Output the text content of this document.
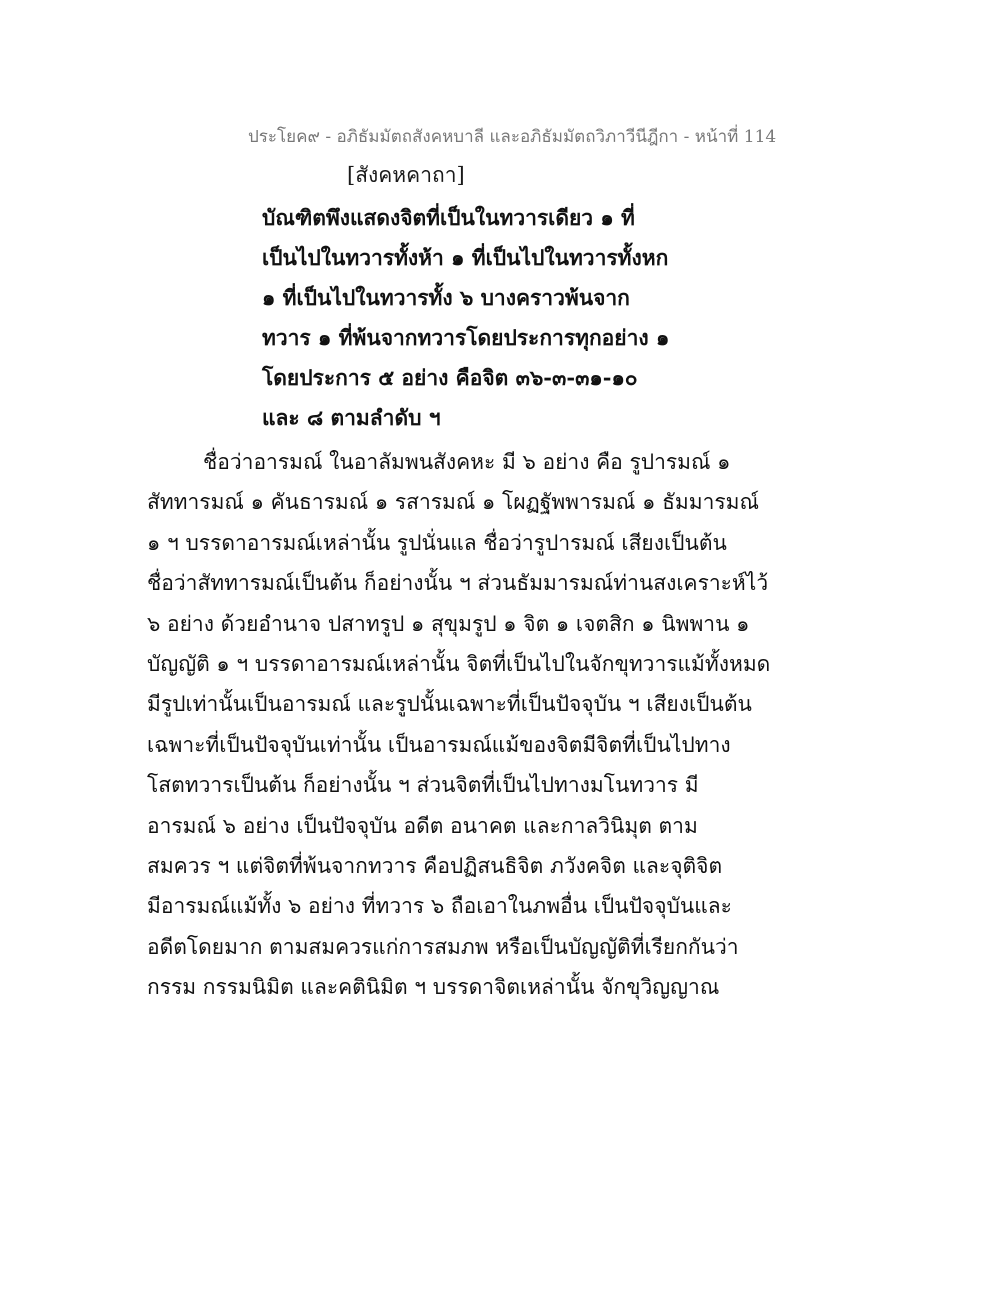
ประโยค๙ - อภิธัมมัตถสังคหบาลี และอภิธัมมัตถวิภาวีนีฎีกา - หน้าที่ 114
[สังคหคาถา]
บัณฑิตพึงแสดงจิตที่เป็นในทวารเดียว ๑ ที่
เป็นไปในทวารทั้งห้า ๑ ที่เป็นไปในทวารทั้งหก
๑ ที่เป็นไปในทวารทั้ง ๖ บางคราวพ้นจาก
ทวาร ๑ ที่พ้นจากทวารโดยประการทุกอย่าง ๑
โดยประการ ๕ อย่าง คือจิต ๓๖-๓-๓๑-๑๐
และ ๘ ตามลำดับ ฯ
ชื่อว่าอารมณ์ ในอาลัมพนสังคหะ มี ๖ อย่าง คือ รูปารมณ์ ๑
สัททารมณ์ ๑ คันธารมณ์ ๑ รสารมณ์ ๑ โผฏฐัพพารมณ์ ๑ ธัมมารมณ์
๑ ฯ บรรดาอารมณ์เหล่านั้น รูปนั่นแล ชื่อว่ารูปารมณ์ เสียงเป็นต้น
ชื่อว่าสัททารมณ์เป็นต้น ก็อย่างนั้น ฯ ส่วนธัมมารมณ์ท่านสงเคราะห์ไว้
๖ อย่าง ด้วยอำนาจ ปสาทรูป ๑ สุขุมรูป ๑ จิต ๑ เจตสิก ๑ นิพพาน ๑
บัญญัติ ๑ ฯ บรรดาอารมณ์เหล่านั้น จิตที่เป็นไปในจักขุทวารแม้ทั้งหมด
มีรูปเท่านั้นเป็นอารมณ์ และรูปนั้นเฉพาะที่เป็นปัจจุบัน ฯ เสียงเป็นต้น
เฉพาะที่เป็นปัจจุบันเท่านั้น เป็นอารมณ์แม้ของจิตมีจิตที่เป็นไปทาง
โสตทวารเป็นต้น ก็อย่างนั้น ฯ ส่วนจิตที่เป็นไปทางมโนทวาร มี
อารมณ์ ๖ อย่าง เป็นปัจจุบัน อดีต อนาคต และกาลวินิมุต ตาม
สมควร ฯ แต่จิตที่พ้นจากทวาร คือปฏิสนธิจิต ภวังคจิต และจุติจิต
มีอารมณ์แม้ทั้ง ๖ อย่าง ที่ทวาร ๖ ถือเอาในภพอื่น เป็นปัจจุบันและ
อดีตโดยมาก ตามสมควรแก่การสมภพ หรือเป็นบัญญัติที่เรียกกันว่า
กรรม กรรมนิมิต และคตินิมิต ฯ บรรดาจิตเหล่านั้น จักขุวิญญาณ
